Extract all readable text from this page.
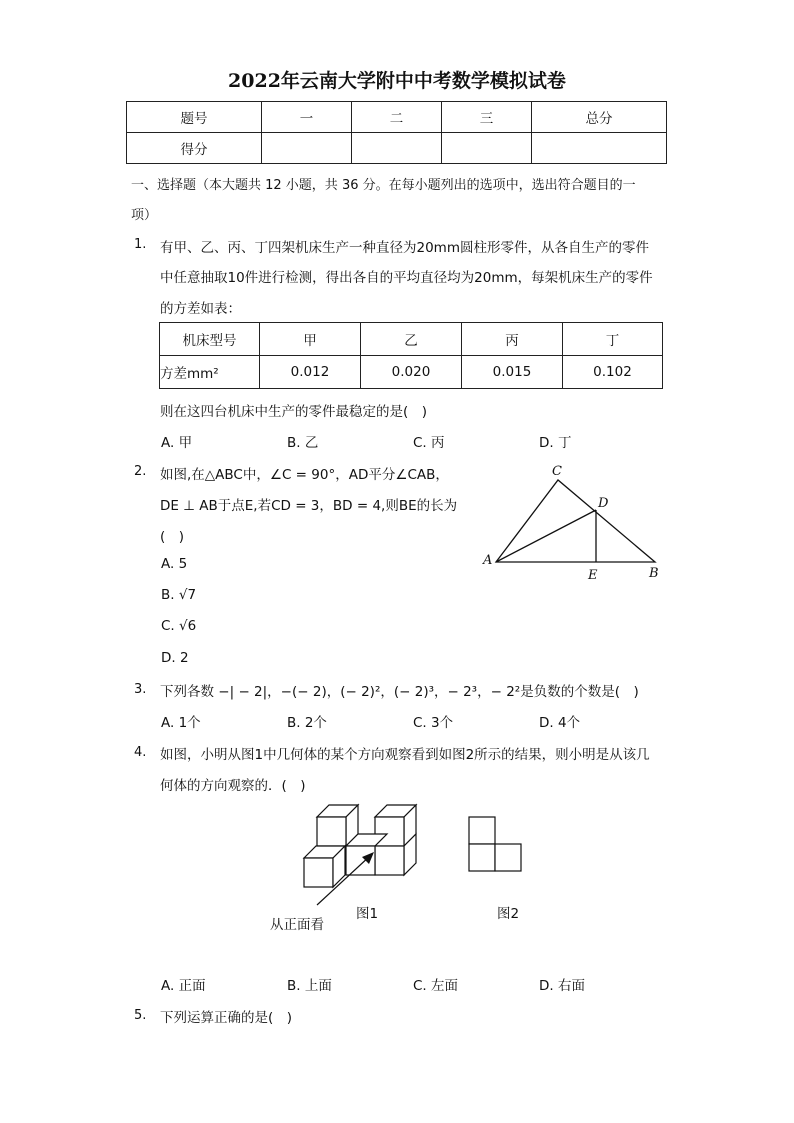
2022年云南大学附中中考数学模拟试卷
题号	一	二	三	总分
得分				
一、选择题（本大题共 12 小题，共 36 分。在每小题列出的选项中，选出符合题目的一
项）
1. 有甲、乙、丙、丁四架机床生产一种直径为20mm圆柱形零件，从各自生产的零件
中任意抽取10件进行检测，得出各自的平均直径均为20mm，每架机床生产的零件
的方差如表：
机床型号	甲	乙	丙	丁
方差mm²	0.012	0.020	0.015	0.102
则在这四台机床中生产的零件最稳定的是(　)
A. 甲	B. 乙	C. 丙	D. 丁
2. 如图,在△ABC中，∠C = 90°，AD平分∠CAB，
DE ⊥ AB于点E,若CD = 3，BD = 4,则BE的长为
(　)
A. 5
B. √7
C. √6
D. 2
A
C
D
E	B
3. 下列各数 −| − 2|，−(− 2)，(− 2)²，(− 2)³，− 2³，− 2²是负数的个数是(　)
A. 1个	B. 2个	C. 3个	D. 4个
4. 如图，小明从图1中几何体的某个方向观察看到如图2所示的结果，则小明是从该几
何体的方向观察的．(　)
从正面看
图1	图2
A. 正面	B. 上面	C. 左面	D. 右面
5. 下列运算正确的是(　)
